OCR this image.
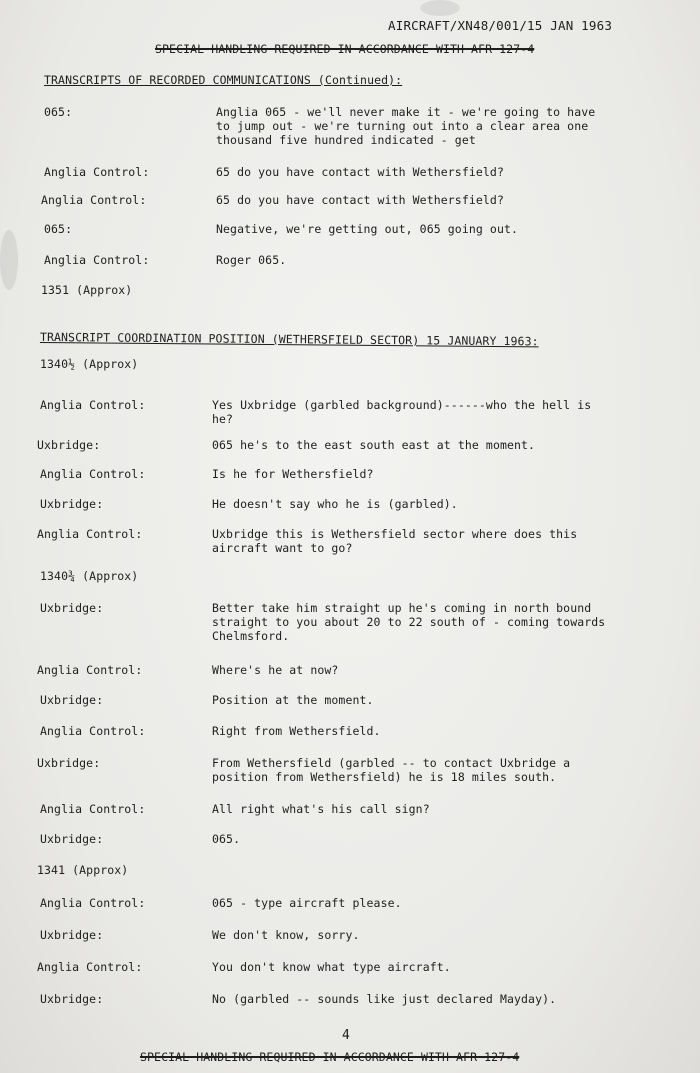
AIRCRAFT/XN48/001/15 JAN 1963
SPECIAL HANDLING REQUIRED IN ACCORDANCE WITH AFR 127-4
TRANSCRIPTS OF RECORDED COMMUNICATIONS (Continued):
065:	Anglia 065 - we'll never make it - we're going to have to jump out - we're turning out into a clear area one thousand five hundred indicated - get
Anglia Control:	65 do you have contact with Wethersfield?
Anglia Control:	65 do you have contact with Wethersfield?
065:	Negative, we're getting out, 065 going out.
Anglia Control:	Roger 065.
1351 (Approx)
TRANSCRIPT COORDINATION POSITION (WETHERSFIELD SECTOR) 15 JANUARY 1963:
1340½ (Approx)
Anglia Control:	Yes Uxbridge (garbled background)------who the hell is he?
Uxbridge:	065 he's to the east south east at the moment.
Anglia Control:	Is he for Wethersfield?
Uxbridge:	He doesn't say who he is (garbled).
Anglia Control:	Uxbridge this is Wethersfield sector where does this aircraft want to go?
1340¾ (Approx)
Uxbridge:	Better take him straight up he's coming in north bound straight to you about 20 to 22 south of - coming towards Chelmsford.
Anglia Control:	Where's he at now?
Uxbridge:	Position at the moment.
Anglia Control:	Right from Wethersfield.
Uxbridge:	From Wethersfield (garbled -- to contact Uxbridge a position from Wethersfield) he is 18 miles south.
Anglia Control:	All right what's his call sign?
Uxbridge:	065.
1341 (Approx)
Anglia Control:	065 - type aircraft please.
Uxbridge:	We don't know, sorry.
Anglia Control:	You don't know what type aircraft.
Uxbridge:	No (garbled -- sounds like just declared Mayday).
4
SPECIAL HANDLING REQUIRED IN ACCORDANCE WITH AFR 127-4
